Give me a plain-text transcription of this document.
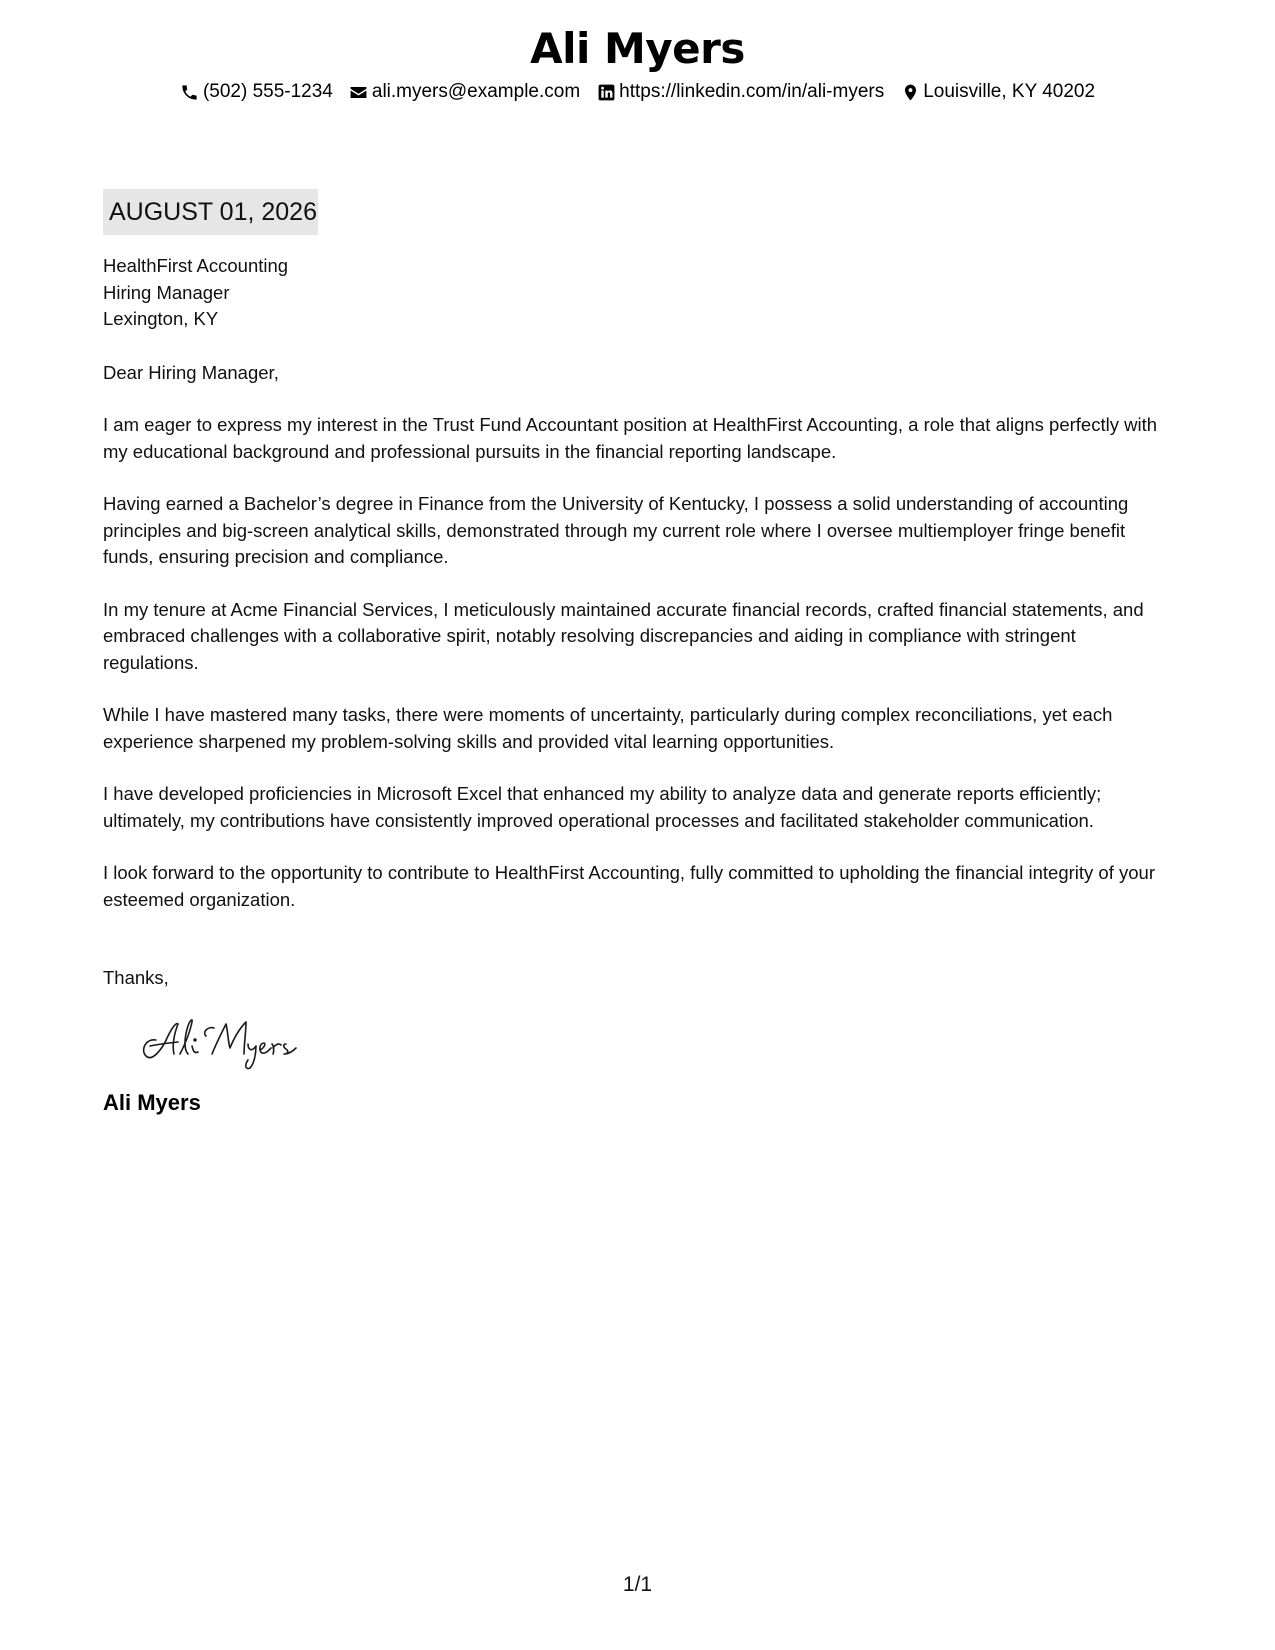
Ali Myers
(502) 555-1234 ali.myers@example.com https://linkedin.com/in/ali-myers Louisville, KY 40202
AUGUST 01, 2026
HealthFirst Accounting
Hiring Manager
Lexington, KY
Dear Hiring Manager,

I am eager to express my interest in the Trust Fund Accountant position at HealthFirst Accounting, a role that aligns perfectly with my educational background and professional pursuits in the financial reporting landscape.

Having earned a Bachelor’s degree in Finance from the University of Kentucky, I possess a solid understanding of accounting principles and big-screen analytical skills, demonstrated through my current role where I oversee multiemployer fringe benefit funds, ensuring precision and compliance.

In my tenure at Acme Financial Services, I meticulously maintained accurate financial records, crafted financial statements, and embraced challenges with a collaborative spirit, notably resolving discrepancies and aiding in compliance with stringent regulations.

While I have mastered many tasks, there were moments of uncertainty, particularly during complex reconciliations, yet each experience sharpened my problem-solving skills and provided vital learning opportunities.

I have developed proficiencies in Microsoft Excel that enhanced my ability to analyze data and generate reports efficiently; ultimately, my contributions have consistently improved operational processes and facilitated stakeholder communication.

I look forward to the opportunity to contribute to HealthFirst Accounting, fully committed to upholding the financial integrity of your esteemed organization.

Thanks,
Ali Myers
1/1
